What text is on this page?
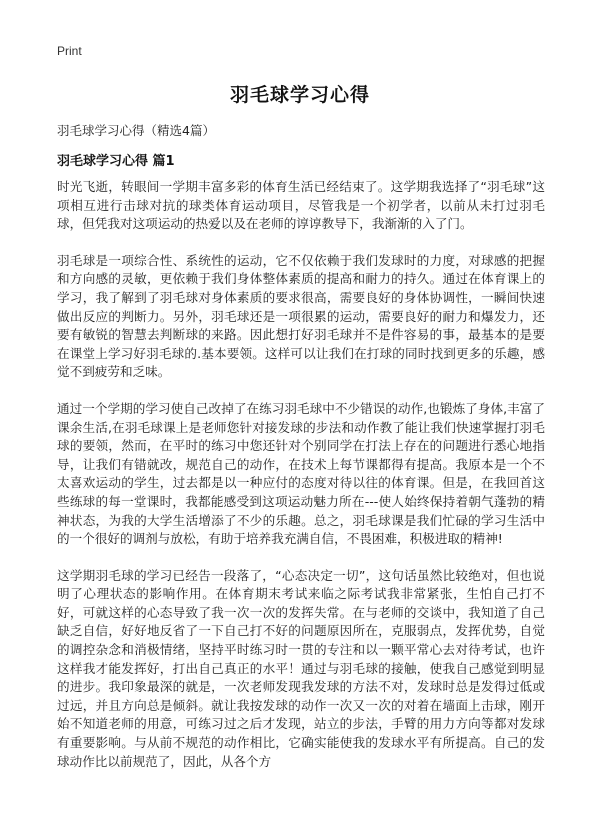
Print
羽毛球学习心得
羽毛球学习心得（精选4篇）
羽毛球学习心得 篇1

时光飞逝，转眼间一学期丰富多彩的体育生活已经结束了。这学期我选择了“羽毛球”这项相互进行击球对抗的球类体育运动项目，尽管我是一个初学者，以前从未打过羽毛球，但凭我对这项运动的热爱以及在老师的谆谆教导下，我渐渐的入了门。

羽毛球是一项综合性、系统性的运动，它不仅依赖于我们发球时的力度，对球感的把握和方向感的灵敏，更依赖于我们身体整体素质的提高和耐力的持久。通过在体育课上的学习，我了解到了羽毛球对身体素质的要求很高，需要良好的身体协调性，一瞬间快速做出反应的判断力。另外，羽毛球还是一项很累的运动，需要良好的耐力和爆发力，还要有敏锐的智慧去判断球的来路。因此想打好羽毛球并不是件容易的事，最基本的是要在课堂上学习好羽毛球的.基本要领。这样可以让我们在打球的同时找到更多的乐趣，感觉不到疲劳和乏味。

通过一个学期的学习使自己改掉了在练习羽毛球中不少错误的动作,也锻炼了身体,丰富了课余生活,在羽毛球课上是老师您针对接发球的步法和动作教了能让我们快速掌握打羽毛球的要领，然而，在平时的练习中您还针对个别同学在打法上存在的问题进行悉心地指导，让我们有错就改，规范自己的动作，在技术上每节课都得有提高。我原本是一个不太喜欢运动的学生，过去都是以一种应付的态度对待以往的体育课。但是，在我回首这些练球的每一堂课时，我都能感受到这项运动魅力所在---使人始终保持着朝气蓬勃的精神状态，为我的大学生活增添了不少的乐趣。总之，羽毛球课是我们忙碌的学习生活中的一个很好的调剂与放松，有助于培养我充满自信，不畏困难，积极进取的精神!

这学期羽毛球的学习已经告一段落了，“心态决定一切”，这句话虽然比较绝对，但也说明了心理状态的影响作用。在体育期末考试来临之际考试我非常紧张，生怕自己打不好，可就这样的心态导致了我一次一次的发挥失常。在与老师的交谈中，我知道了自己缺乏自信，好好地反省了一下自己打不好的问题原因所在，克服弱点，发挥优势，自觉的调控杂念和消极情绪，坚持平时练习时一贯的专注和以一颗平常心去对待考试，也许这样我才能发挥好，打出自己真正的水平！通过与羽毛球的接触，使我自己感觉到明显的进步。我印象最深的就是，一次老师发现我发球的方法不对，发球时总是发得过低或过远，并且方向总是倾斜。就让我按发球的动作一次又一次的对着在墙面上击球，刚开始不知道老师的用意，可练习过之后才发现，站立的步法，手臂的用力方向等都对发球有重要影响。与从前不规范的动作相比，它确实能使我的发球水平有所提高。自己的发球动作比以前规范了，因此，从各个方
